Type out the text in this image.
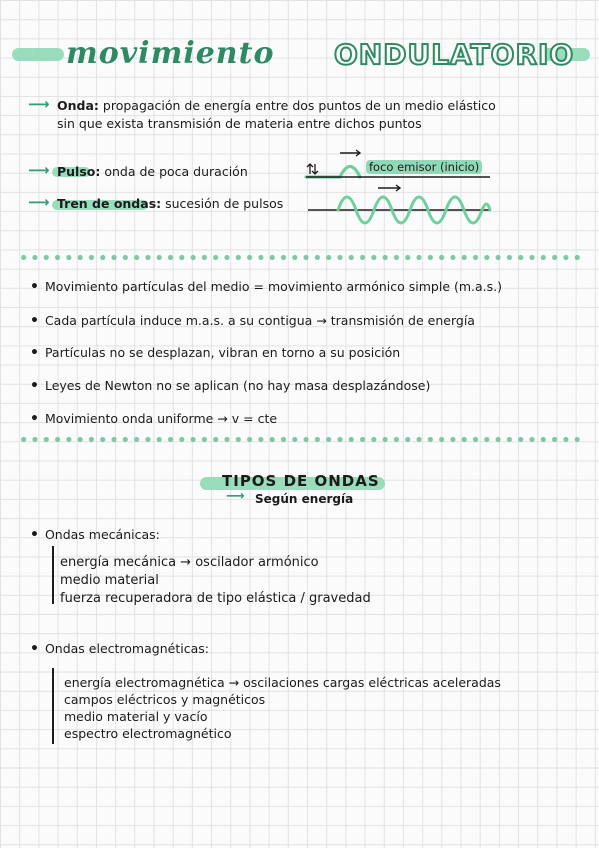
movimiento ONDULATORIO
⟶ Onda: propagación de energía entre dos puntos de un medio elástico
sin que exista transmisión de materia entre dichos puntos
⟶ Pulso: onda de poca duración
⟶ Tren de ondas: sucesión de pulsos
foco emisor (inicio)
• Movimiento partículas del medio = movimiento armónico simple (m.a.s.)
• Cada partícula induce m.a.s. a su contigua → transmisión de energía
• Partículas no se desplazan, vibran en torno a su posición
• Leyes de Newton no se aplican (no hay masa desplazándose)
• Movimiento onda uniforme → v = cte
TIPOS DE ONDAS
⟶ Según energía
• Ondas mecánicas:
energía mecánica → oscilador armónico
medio material
fuerza recuperadora de tipo elástica / gravedad
• Ondas electromagnéticas:
energía electromagnética → oscilaciones cargas eléctricas aceleradas
campos eléctricos y magnéticos
medio material y vacío
espectro electromagnético
